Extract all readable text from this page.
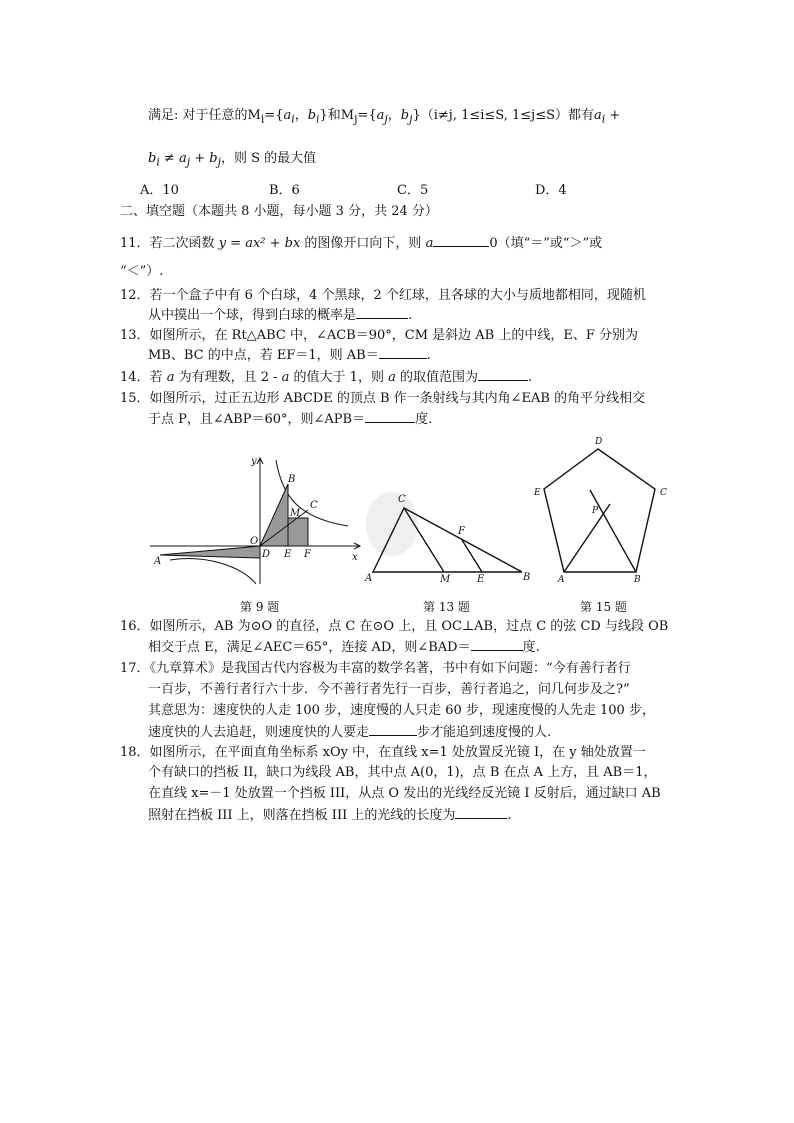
满足: 对于任意的$M_i=\{a_i$，$b_i$}和$M_j=\{a_j$，$b_j\}(i\ne j$, 1≤i≤S, 1≤j≤S）都有$a_i$ +
$b_i \ne a_j + b_j$，则 S 的最大值
A．10	B．6	C．5	D．4
二、填空题（本题共 8 小题，每小题 3 分，共 24 分）
11．若二次函数 y = ax² + bx 的图像开口向下，则 a	0（填“＝”或“＞”或
“＜”）.
12．若一个盒子中有 6 个白球，4 个黑球，2 个红球，且各球的大小与质地都相同，现随机
从中摸出一个球，得到白球的概率是	.
13．如图所示，在 Rt△ABC 中，∠ACB＝90°，CM 是斜边 AB 上的中线，E、F 分别为
MB、BC 的中点，若 EF＝1，则 AB＝	.
14．若 a 为有理数，且 2 - a 的值大于 1，则 a 的取值范围为	.
15．如图所示，过正五边形 ABCDE 的顶点 B 作一条射线与其内角∠EAB 的角平分线相交
于点 P，且∠ABP＝60°，则∠APB＝	度.
y
x
O
A
B
C
M
D E F
C
F
A	M	E	B
D
E	C
P
A	B
第 9 题	第 13 题	第 15 题
16．如图所示，AB 为⊙O 的直径，点 C 在⊙O 上，且 OC⊥AB，过点 C 的弦 CD 与线段 OB
相交于点 E，满足∠AEC＝65°，连接 AD，则∠BAD＝	度.
17．《九章算术》是我国古代内容极为丰富的数学名著，书中有如下问题：“今有善行者行
一百步，不善行者行六十步．今不善行者先行一百步，善行者追之，问几何步及之?”
其意思为：速度快的人走 100 步，速度慢的人只走 60 步，现速度慢的人先走 100 步，
速度快的人去追赶，则速度快的人要走	步才能追到速度慢的人.
18．如图所示，在平面直角坐标系 xOy 中，在直线 x=1 处放置反光镜 I，在 y 轴处放置一
个有缺口的挡板 II，缺口为线段 AB，其中点 A(0，1)，点 B 在点 A 上方，且 AB＝1，
在直线 x=－1 处放置一个挡板 III，从点 O 发出的光线经反光镜 I 反射后，通过缺口 AB
照射在挡板 III 上，则落在挡板 III 上的光线的长度为	.
